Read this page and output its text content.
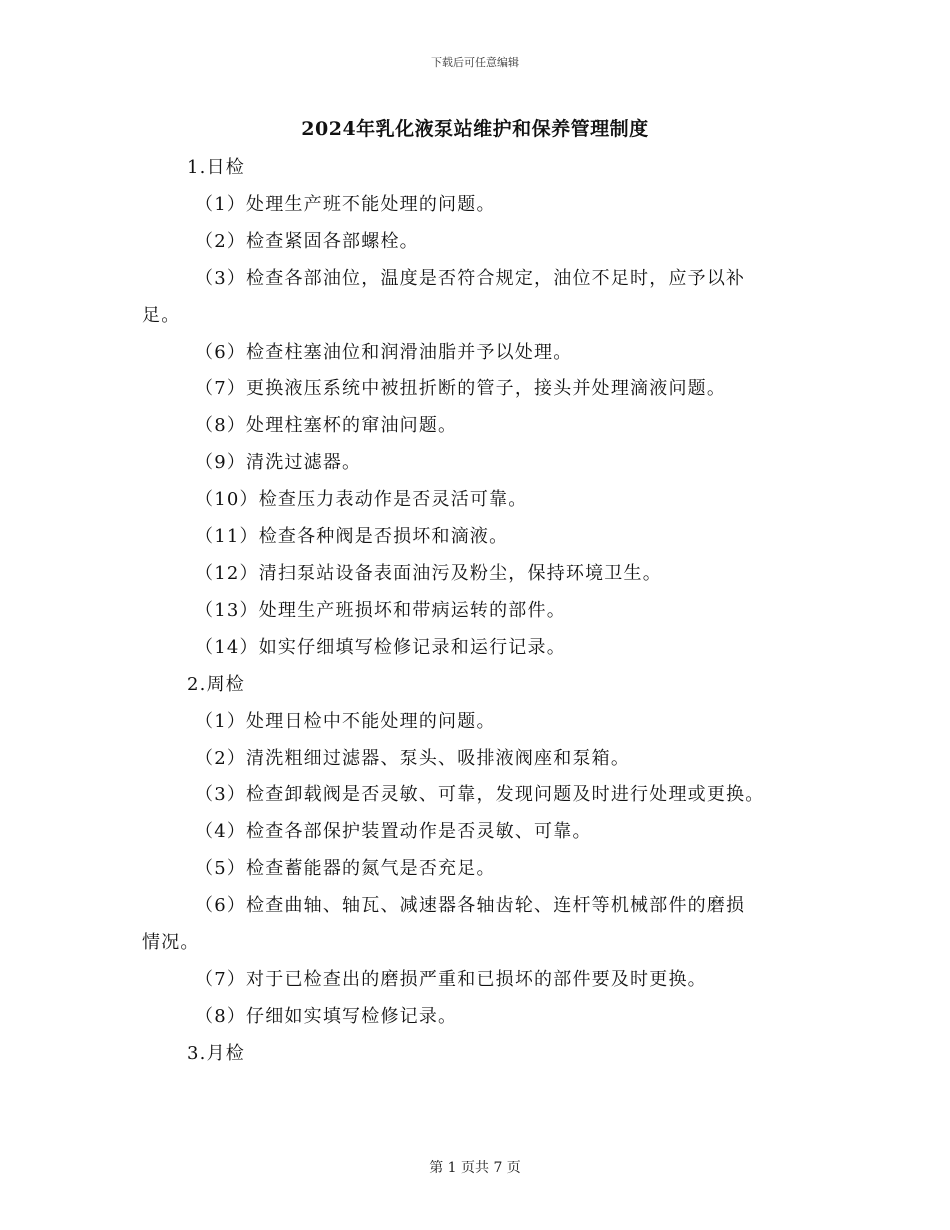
下载后可任意编辑
2024年乳化液泵站维护和保养管理制度
1.日检
（1）处理生产班不能处理的问题。
（2）检查紧固各部螺栓。
（3）检查各部油位，温度是否符合规定，油位不足时，应予以补
足。
（6）检查柱塞油位和润滑油脂并予以处理。
（7）更换液压系统中被扭折断的管子，接头并处理滴液问题。
（8）处理柱塞杯的窜油问题。
（9）清洗过滤器。
（10）检查压力表动作是否灵活可靠。
（11）检查各种阀是否损坏和滴液。
（12）清扫泵站设备表面油污及粉尘，保持环境卫生。
（13）处理生产班损坏和带病运转的部件。
（14）如实仔细填写检修记录和运行记录。
2.周检
（1）处理日检中不能处理的问题。
（2）清洗粗细过滤器、泵头、吸排液阀座和泵箱。
（3）检查卸载阀是否灵敏、可靠，发现问题及时进行处理或更换。
（4）检查各部保护装置动作是否灵敏、可靠。
（5）检查蓄能器的氮气是否充足。
（6）检查曲轴、轴瓦、减速器各轴齿轮、连杆等机械部件的磨损
情况。
（7）对于已检查出的磨损严重和已损坏的部件要及时更换。
（8）仔细如实填写检修记录。
3.月检
第 1 页共 7 页
